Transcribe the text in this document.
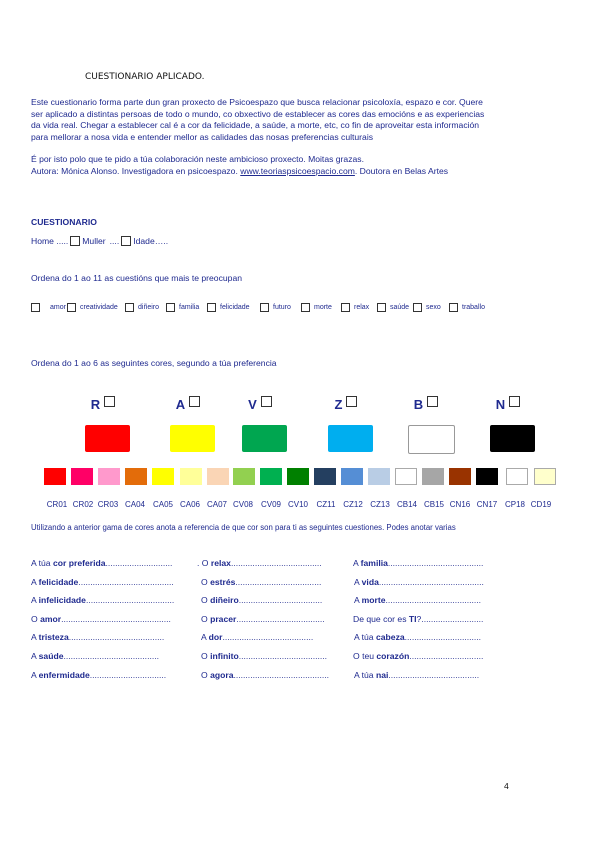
CUESTIONARIO APLICADO.

Este cuestionario forma parte dun gran proxecto de Psicoespazo que busca relacionar psicoloxía, espazo e cor. Quere

ser aplicado a distintas persoas de todo o mundo, co obxectivo de establecer as cores das emocións e as experiencias

da vida real. Chegar a establecer cal é a cor da felicidade, a saúde, a morte, etc, co fin de aproveitar esta información

para mellorar a nosa vida e entender mellor as calidades das nosas preferencias culturais

É por isto polo que te pido a túa colaboración neste ambicioso proxecto. Moitas grazas.

Autora: Mónica Alonso. Investigadora en psicoespazo. www.teoriaspsicoespacio.com. Doutora en Belas Artes

CUESTIONARIO
Home ..... Muller .... Idade…..
Ordena do 1 ao 11 as cuestións que mais te preocupan
amor creatividade	diñeiro	familia	felicidade	futuro	morte	relax	saúde sexo	traballo
Ordena do 1 ao 6 as seguintes cores, segundo a túa preferencia
R	A	V	Z	B	N
CR01 CR02 CR03 CA04 CA05 CA06 CA07 CV08 CV09 CV10	CZ11 CZ12 CZ13 CB14 CB15 CN16 CN17 CP18 CD19
Utilizando a anterior gama de cores anota a referencia de que cor son para ti as seguintes cuestiones. Podes anotar varias
A túa cor preferida............................	. O relax......................................	A familia........................................
A felicidade........................................	O estrés....................................	A vida............................................
A infelicidade.....................................	O diñeiro...................................	A morte........................................
O amor..............................................	O pracer.....................................	De que cor es TI?..........................
A tristeza........................................	A dor......................................	A túa cabeza................................
A saúde........................................	O infinito.....................................	O teu corazón...............................
A enfermidade................................	O agora........................................	A túa nai......................................
4
